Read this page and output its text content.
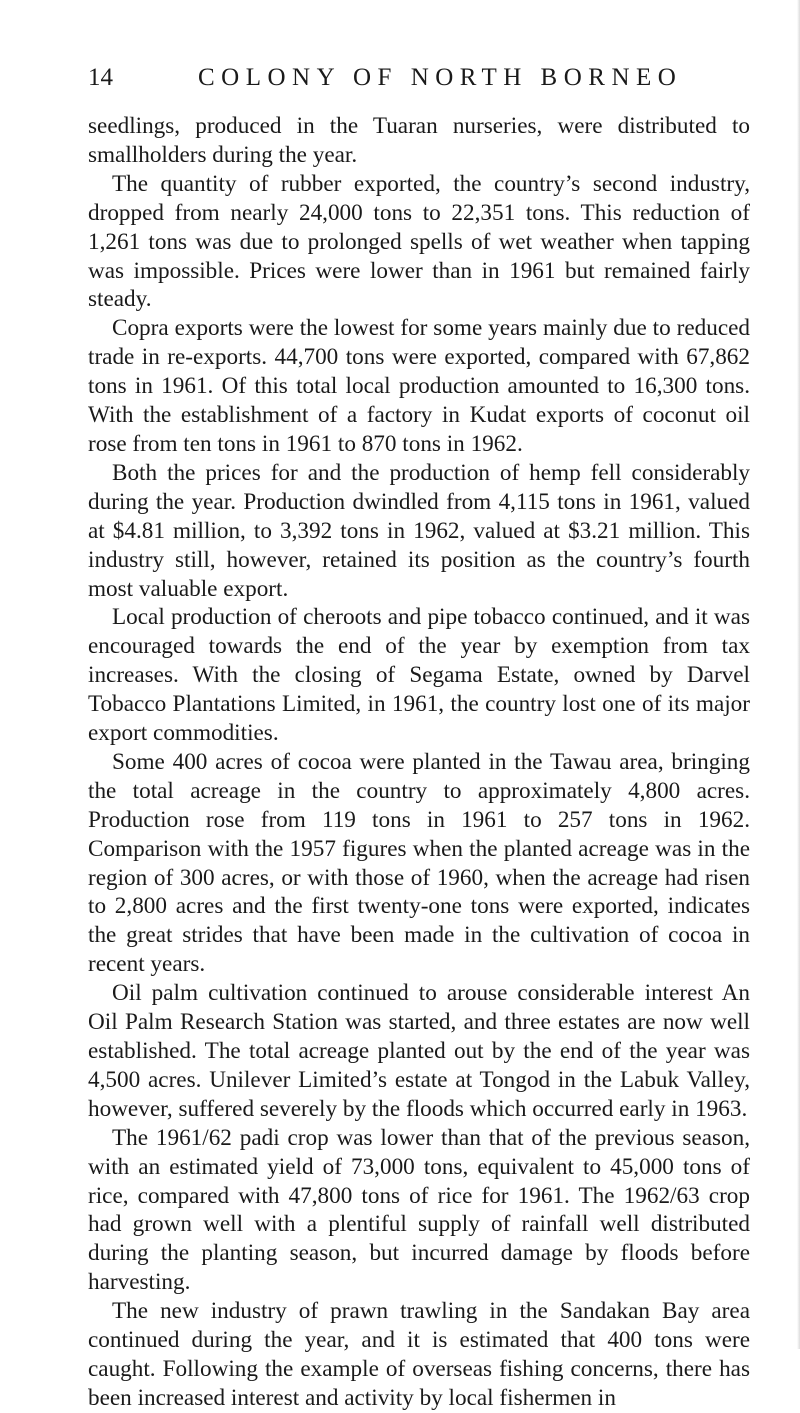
14	COLONY OF NORTH BORNEO

seedlings, produced in the Tuaran nurseries, were distributed to smallholders during the year.

The quantity of rubber exported, the country’s second industry, dropped from nearly 24,000 tons to 22,351 tons. This reduction of 1,261 tons was due to prolonged spells of wet weather when tapping was impossible. Prices were lower than in 1961 but remained fairly steady.

Copra exports were the lowest for some years mainly due to reduced trade in re-exports. 44,700 tons were exported, compared with 67,862 tons in 1961. Of this total local production amounted to 16,300 tons. With the establishment of a factory in Kudat exports of coconut oil rose from ten tons in 1961 to 870 tons in 1962.

Both the prices for and the production of hemp fell considerably during the year. Production dwindled from 4,115 tons in 1961, valued at $4.81 million, to 3,392 tons in 1962, valued at $3.21 million. This industry still, however, retained its position as the country’s fourth most valuable export.

Local production of cheroots and pipe tobacco continued, and it was encouraged towards the end of the year by exemption from tax increases. With the closing of Segama Estate, owned by Darvel Tobacco Plantations Limited, in 1961, the country lost one of its major export commodities.

Some 400 acres of cocoa were planted in the Tawau area, bringing the total acreage in the country to approximately 4,800 acres. Production rose from 119 tons in 1961 to 257 tons in 1962. Comparison with the 1957 figures when the planted acreage was in the region of 300 acres, or with those of 1960, when the acreage had risen to 2,800 acres and the first twenty-one tons were exported, indicates the great strides that have been made in the cultivation of cocoa in recent years.

Oil palm cultivation continued to arouse considerable interest An Oil Palm Research Station was started, and three estates are now well established. The total acreage planted out by the end of the year was 4,500 acres. Unilever Limited’s estate at Tongod in the Labuk Valley, however, suffered severely by the floods which occurred early in 1963.

The 1961/62 padi crop was lower than that of the previous season, with an estimated yield of 73,000 tons, equivalent to 45,000 tons of rice, compared with 47,800 tons of rice for 1961. The 1962/63 crop had grown well with a plentiful supply of rainfall well distributed during the planting season, but incurred damage by floods before harvesting.

The new industry of prawn trawling in the Sandakan Bay area continued during the year, and it is estimated that 400 tons were caught. Following the example of overseas fishing concerns, there has been increased interest and activity by local fishermen in
